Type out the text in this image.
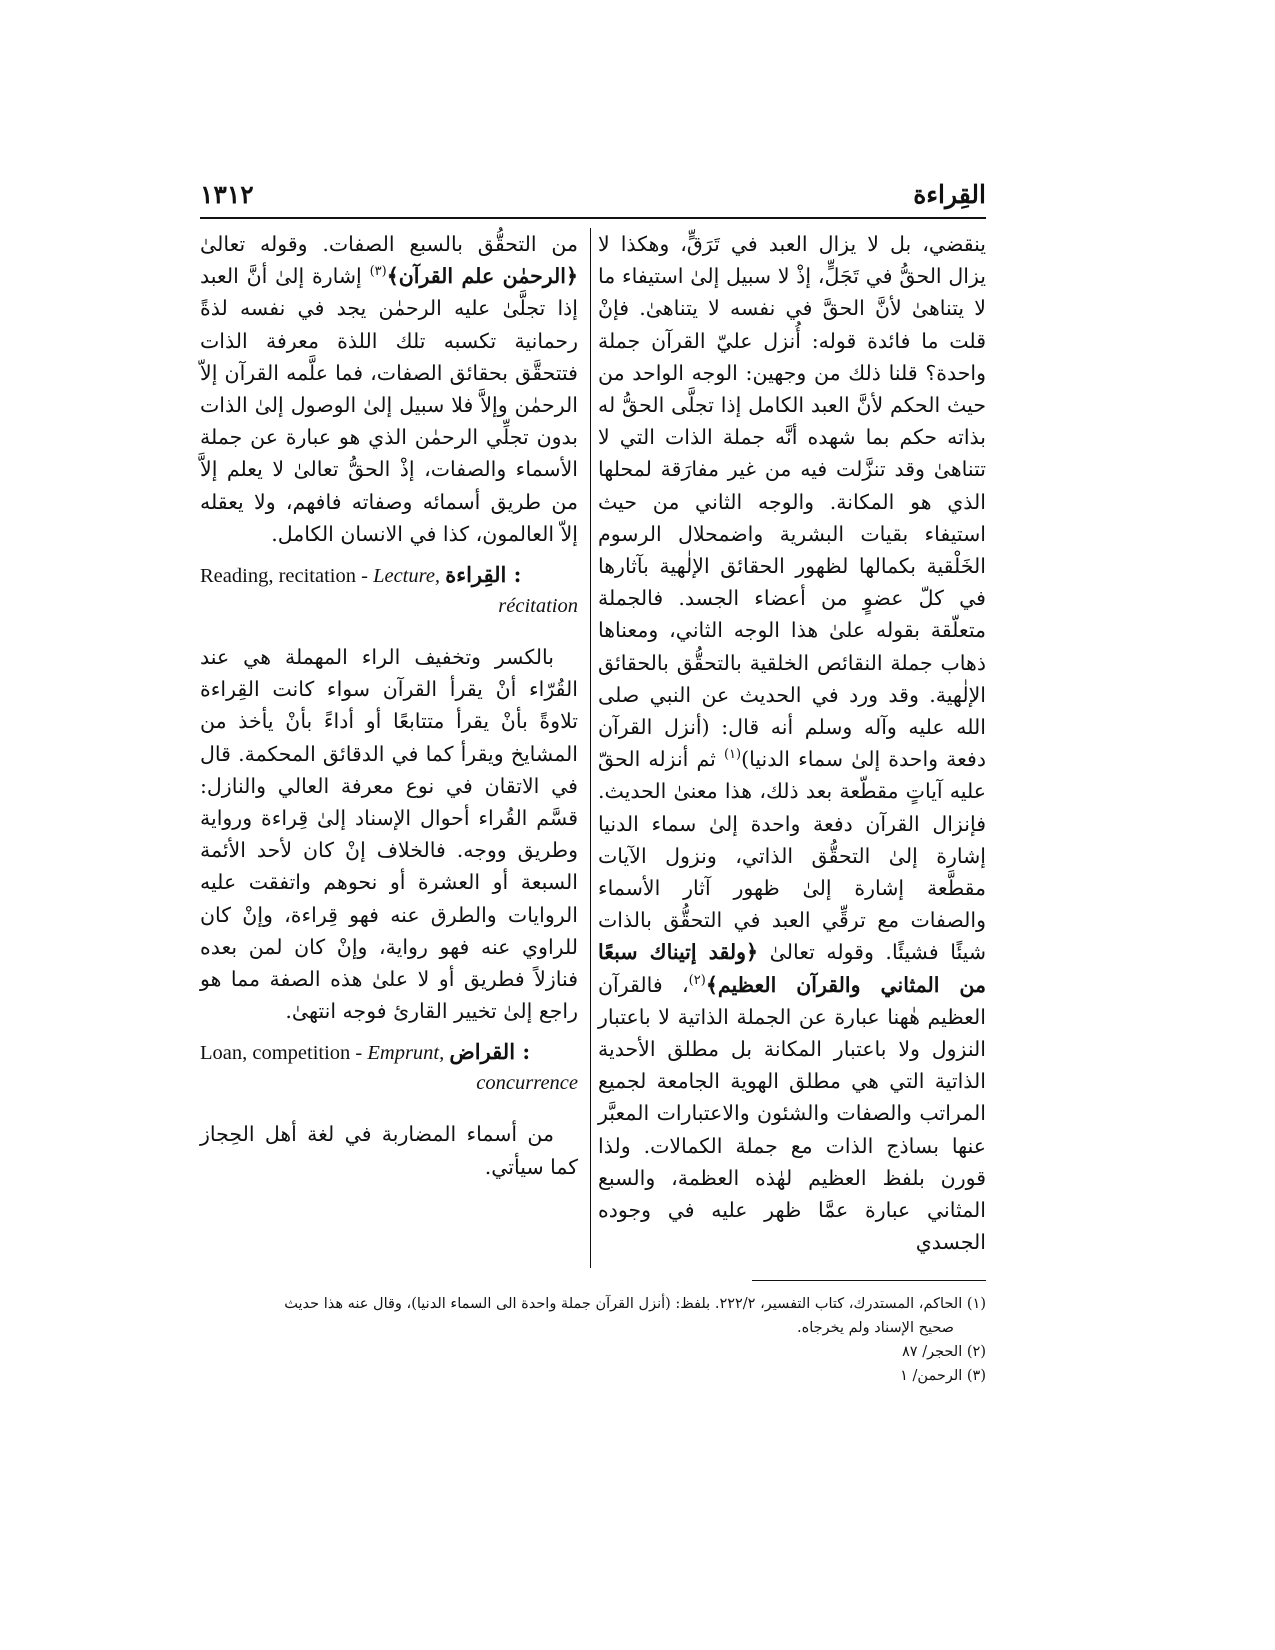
القِراءة
١٣١٢

ينقضي، بل لا يزال العبد في تَرَقٍّ، وهكذا لا يزال الحقُّ في تَجَلٍّ، إذْ لا سبيل إلىٰ استيفاء ما لا يتناهىٰ لأنَّ الحقَّ في نفسه لا يتناهىٰ. فإنْ قلت ما فائدة قوله: أُنزل عليّ القرآن جملة واحدة؟ قلنا ذلك من وجهين: الوجه الواحد من حيث الحكم لأنَّ العبد الكامل إذا تجلَّى الحقُّ له بذاته حكم بما شهده أنَّه جملة الذات التي لا تتناهىٰ وقد تنزَّلت فيه من غير مفارَقة لمحلها الذي هو المكانة. والوجه الثاني من حيث استيفاء بقيات البشرية واضمحلال الرسوم الخَلْقية بكمالها لظهور الحقائق الإلٰهية بآثارها في كلّ عضوٍ من أعضاء الجسد. فالجملة متعلّقة بقوله علىٰ هذا الوجه الثاني، ومعناها ذهاب جملة النقائص الخلقية بالتحقُّق بالحقائق الإلٰهية. وقد ورد في الحديث عن النبي صلى الله عليه وآله وسلم أنه قال: (أنزل القرآن دفعة واحدة إلىٰ سماء الدنيا)$^{(١)}$ ثم أنزله الحقّ عليه آياتٍ مقطّعة بعد ذلك، هذا معنىٰ الحديث. فإنزال القرآن دفعة واحدة إلىٰ سماء الدنيا إشارة إلىٰ التحقُّق الذاتي، ونزول الآيات مقطَّعة إشارة إلىٰ ظهور آثار الأسماء والصفات مع ترقِّي العبد في التحقُّق بالذات شيئًا فشيئًا. وقوله تعالىٰ ﴿ولقد إتيناك سبعًا من المثاني والقرآن العظيم﴾$^{(٢)}$، فالقرآن العظيم هٰهنا عبارة عن الجملة الذاتية لا باعتبار النزول ولا باعتبار المكانة بل مطلق الأحدية الذاتية التي هي مطلق الهوية الجامعة لجميع المراتب والصفات والشئون والاعتبارات المعبَّر عنها بساذج الذات مع جملة الكمالات. ولذا قورن بلفظ العظيم لهٰذه العظمة، والسبع المثاني عبارة عمَّا ظهر عليه في وجوده الجسدي

من التحقُّق بالسبع الصفات. وقوله تعالىٰ ﴿الرحمٰن علم القرآن﴾$^{(٣)}$ إشارة إلىٰ أنَّ العبد إذا تجلَّىٰ عليه الرحمٰن يجد في نفسه لذةً رحمانية تكسبه تلك اللذة معرفة الذات فتتحقَّق بحقائق الصفات، فما علَّمه القرآن إلاّ الرحمٰن وإلاَّ فلا سبيل إلىٰ الوصول إلىٰ الذات بدون تجلِّي الرحمٰن الذي هو عبارة عن جملة الأسماء والصفات، إذْ الحقُّ تعالىٰ لا يعلم إلاَّ من طريق أسمائه وصفاته فافهم، ولا يعقله إلاّ العالمون، كذا في الانسان الكامل.

Reading, recitation - Lecture, القِراءة :
récitation

بالكسر وتخفيف الراء المهملة هي عند القُرّاء أنْ يقرأ القرآن سواء كانت القِراءة تلاوةً بأنْ يقرأ متتابعًا أو أداءً بأنْ يأخذ من المشايخ ويقرأ كما في الدقائق المحكمة. قال في الاتقان في نوع معرفة العالي والنازل: قسَّم القُراء أحوال الإسناد إلىٰ قِراءة ورواية وطريق ووجه. فالخلاف إنْ كان لأحد الأئمة السبعة أو العشرة أو نحوهم واتفقت عليه الروايات والطرق عنه فهو قِراءة، وإنْ كان للراوي عنه فهو رواية، وإنْ كان لمن بعده فنازلاً فطريق أو لا علىٰ هذه الصفة مما هو راجع إلىٰ تخيير القارئ فوجه انتهىٰ.

Loan, competition - Emprunt, القراض :
concurrence

من أسماء المضاربة في لغة أهل الحِجاز كما سيأتي.

(١) الحاكم، المستدرك، كتاب التفسير، ٢٢٢/٢. بلفظ: (أنزل القرآن جملة واحدة الى السماء الدنيا)، وقال عنه هذا حديث

صحيح الإسناد ولم يخرجاه.

(٢) الحجر/ ٨٧

(٣) الرحمن/ ١
